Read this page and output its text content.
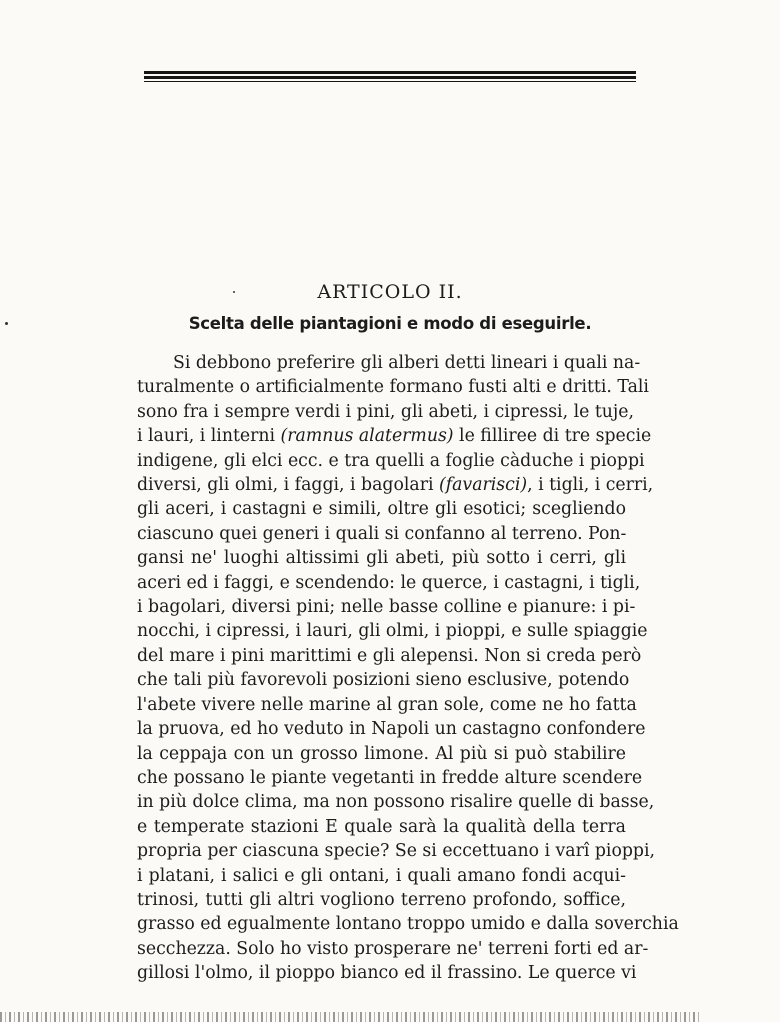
ARTICOLO II.
Scelta delle piantagioni e modo di eseguirle.
Si debbono preferire gli alberi detti lineari i quali na-
turalmente o artificialmente formano fusti alti e dritti. Tali
sono fra i sempre verdi i pini, gli abeti, i cipressi, le tuje,
i lauri, i linterni (ramnus alatermus) le filliree di tre specie
indigene, gli elci ecc. e tra quelli a foglie càduche i pioppi
diversi, gli olmi, i faggi, i bagolari (favarisci), i tigli, i cerri,
gli aceri, i castagni e simili, oltre gli esotici; scegliendo
ciascuno quei generi i quali si confanno al terreno. Pon-
gansi ne' luoghi altissimi gli abeti, più sotto i cerri, gli
aceri ed i faggi, e scendendo: le querce, i castagni, i tigli,
i bagolari, diversi pini; nelle basse colline e pianure: i pi-
nocchi, i cipressi, i lauri, gli olmi, i pioppi, e sulle spiaggie
del mare i pini marittimi e gli alepensi. Non si creda però
che tali più favorevoli posizioni sieno esclusive, potendo
l'abete vivere nelle marine al gran sole, come ne ho fatta
la pruova, ed ho veduto in Napoli un castagno confondere
la ceppaja con un grosso limone. Al più si può stabilire
che possano le piante vegetanti in fredde alture scendere
in più dolce clima, ma non possono risalire quelle di basse,
e temperate stazioni E quale sarà la qualità della terra
propria per ciascuna specie? Se si eccettuano i varî pioppi,
i platani, i salici e gli ontani, i quali amano fondi acqui-
trinosi, tutti gli altri vogliono terreno profondo, soffice,
grasso ed egualmente lontano troppo umido e dalla soverchia
secchezza. Solo ho visto prosperare ne' terreni forti ed ar-
gillosi l'olmo, il pioppo bianco ed il frassino. Le querce vi
